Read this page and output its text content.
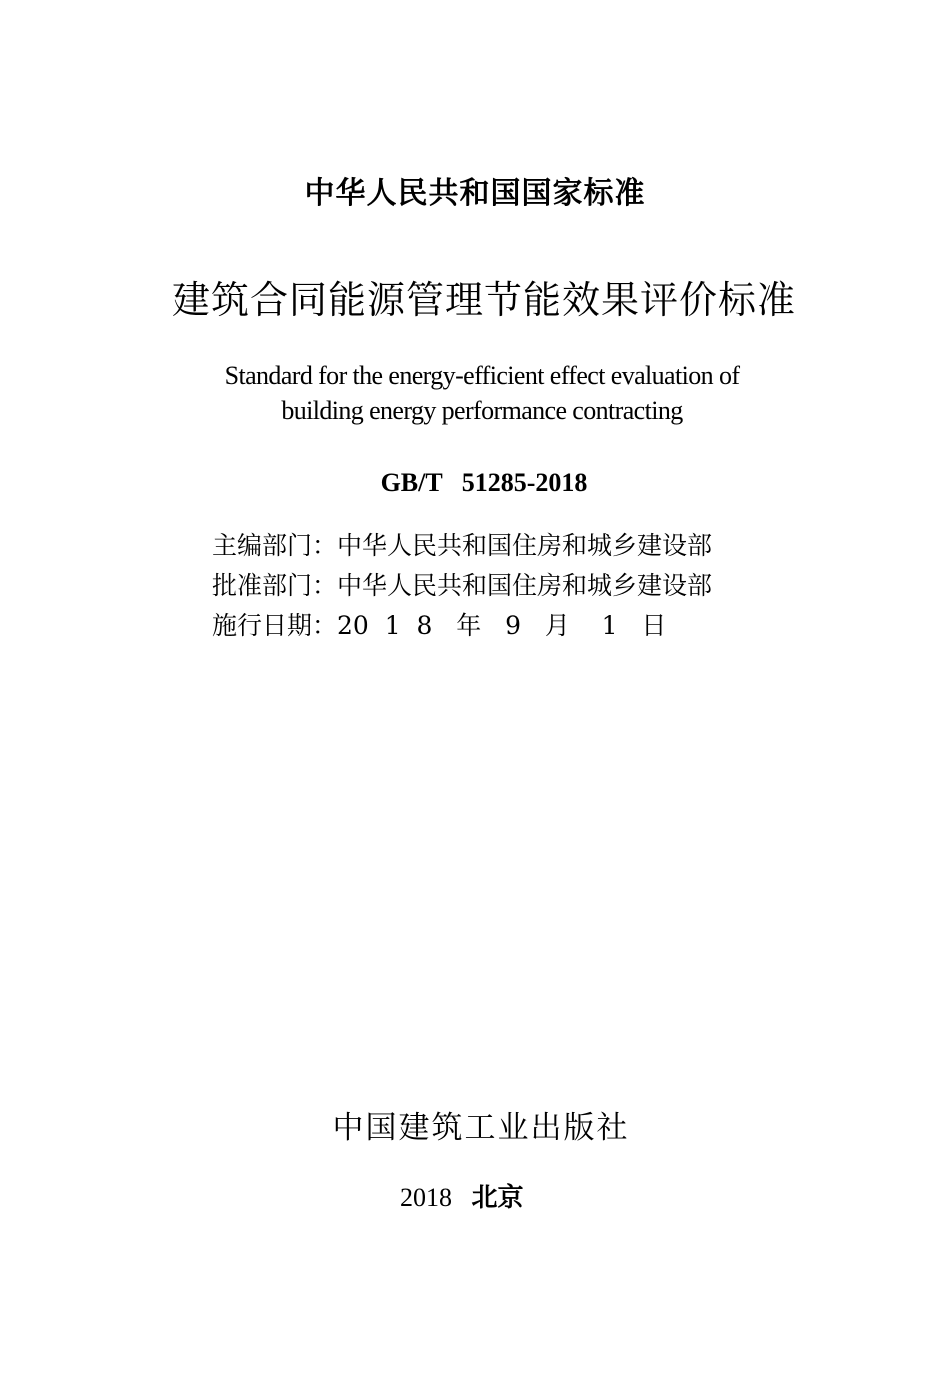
中华人民共和国国家标准
建筑合同能源管理节能效果评价标准
Standard for the energy-efficient effect evaluation of
building energy performance contracting
GB/T   51285-2018
主编部门：中华人民共和国住房和城乡建设部
批准部门：中华人民共和国住房和城乡建设部
施行日期：20  1  8   年   9   月    1   日
中国建筑工业出版社
2018 北京
